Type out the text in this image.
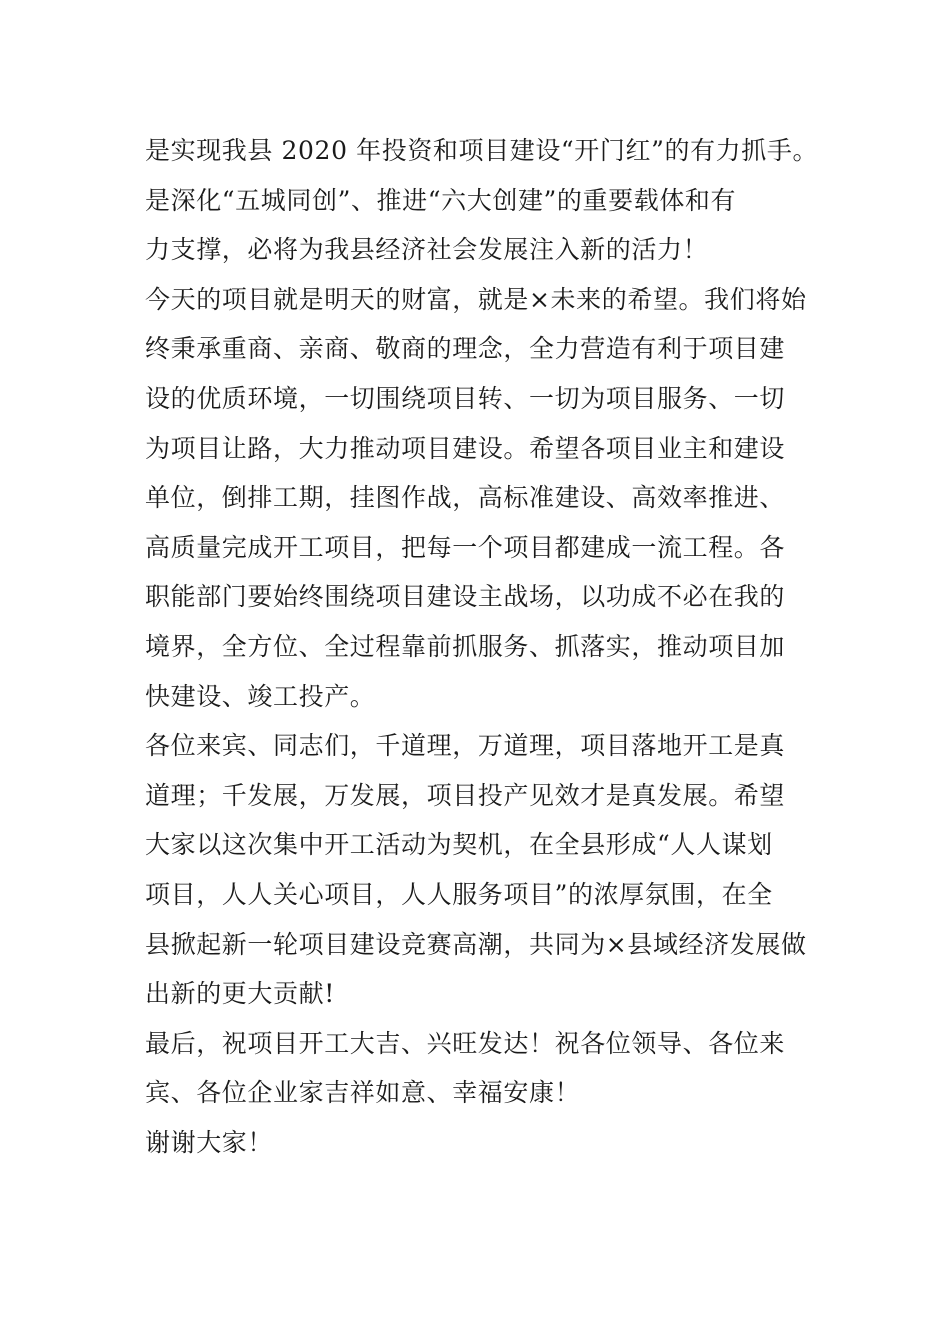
是实现我县 2020 年投资和项目建设“开门红”的有力抓手。
是深化“五城同创”、推进“六大创建”的重要载体和有
力支撑，必将为我县经济社会发展注入新的活力！
今天的项目就是明天的财富，就是×未来的希望。我们将始
终秉承重商、亲商、敬商的理念，全力营造有利于项目建
设的优质环境，一切围绕项目转、一切为项目服务、一切
为项目让路，大力推动项目建设。希望各项目业主和建设
单位，倒排工期，挂图作战，高标准建设、高效率推进、
高质量完成开工项目，把每一个项目都建成一流工程。各
职能部门要始终围绕项目建设主战场，以功成不必在我的
境界，全方位、全过程靠前抓服务、抓落实，推动项目加
快建设、竣工投产。
各位来宾、同志们，千道理，万道理，项目落地开工是真
道理；千发展，万发展，项目投产见效才是真发展。希望
大家以这次集中开工活动为契机，在全县形成“人人谋划
项目，人人关心项目，人人服务项目”的浓厚氛围，在全
县掀起新一轮项目建设竞赛高潮，共同为×县域经济发展做
出新的更大贡献!
最后，祝项目开工大吉、兴旺发达！祝各位领导、各位来
宾、各位企业家吉祥如意、幸福安康！
谢谢大家！
